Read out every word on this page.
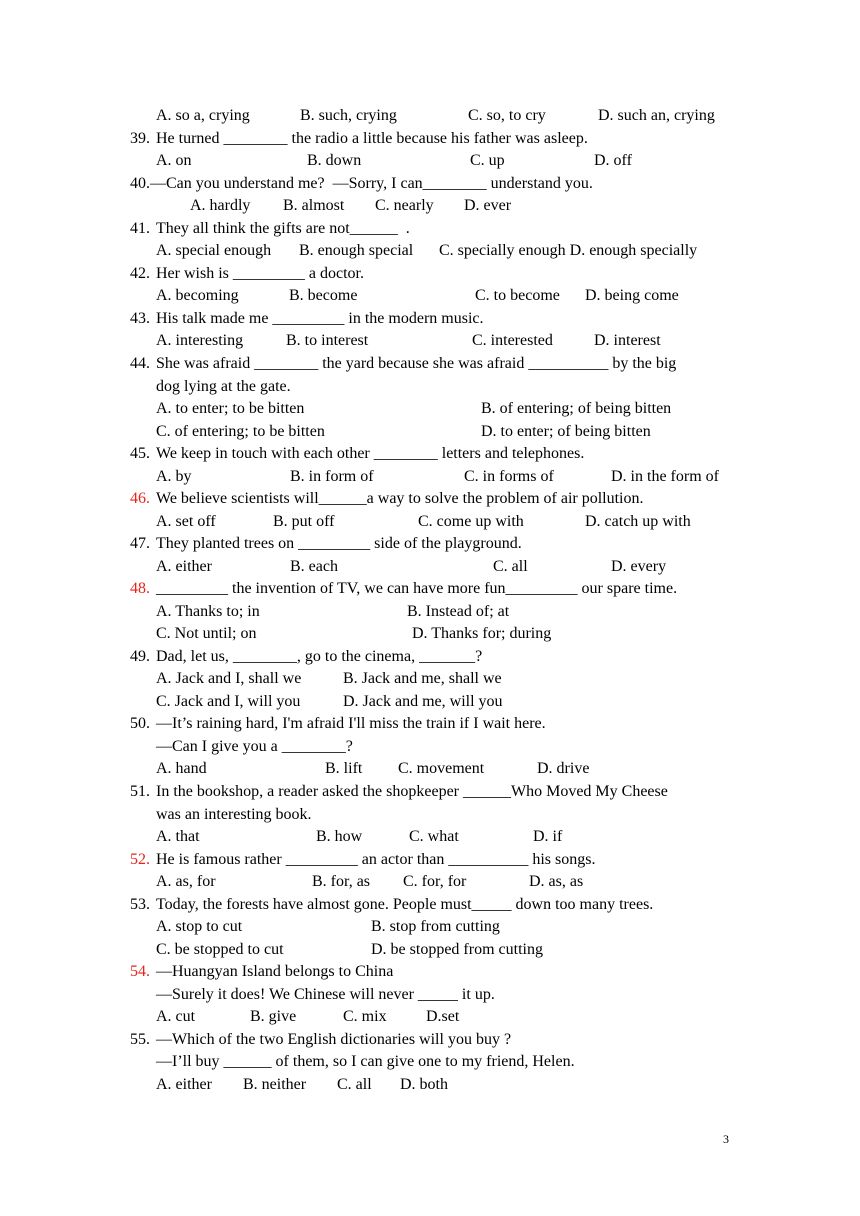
A. so a, crying	B. such, crying	C. so, to cry	D. such an, crying
39. He turned ________ the radio a little because his father was asleep.
A. on	B. down	C. up	D. off
40.—Can you understand me?  —Sorry, I can________ understand you.
A. hardly B. almost C. nearly D. ever
41. They all think the gifts are not______  .
A. special enough B. enough special C. specially enough D. enough specially
42. Her wish is _________ a doctor.
A. becoming	B. become	C. to become D. being come
43. His talk made me _________ in the modern music.
A. interesting	B. to interest	C. interested	D. interest
44. She was afraid ________ the yard because she was afraid __________ by the big
dog lying at the gate.
A. to enter; to be bitten	B. of entering; of being bitten
C. of entering; to be bitten	D. to enter; of being bitten
45. We keep in touch with each other ________ letters and telephones.
A. by	B. in form of	C. in forms of	D. in the form of
46. We believe scientists will______a way to solve the problem of air pollution.
A. set off	B. put off	C. come up with	D. catch up with
47. They planted trees on _________ side of the playground.
A. either	B. each	C. all	D. every
48. _________ the invention of TV, we can have more fun_________ our spare time.
A. Thanks to; in	B. Instead of; at
C. Not until; on	D. Thanks for; during
49. Dad, let us, ________, go to the cinema, _______?
A. Jack and I, shall we	B. Jack and me, shall we
C. Jack and I, will you	D. Jack and me, will you
50. —It’s raining hard, I'm afraid I'll miss the train if I wait here.
—Can I give you a ________?
A. hand	B. lift C. movement	D. drive
51. In the bookshop, a reader asked the shopkeeper ______Who Moved My Cheese
was an interesting book.
A. that	B. how	C. what	D. if
52. He is famous rather _________ an actor than __________ his songs.
A. as, for	B. for, as C. for, for	D. as, as
53. Today, the forests have almost gone. People must_____ down too many trees.
A. stop to cut	B. stop from cutting
C. be stopped to cut	D. be stopped from cutting
54. —Huangyan Island belongs to China
—Surely it does! We Chinese will never _____ it up.
A. cut	B. give	C. mix D.set
55. —Which of the two English dictionaries will you buy ?
—I’ll buy ______ of them, so I can give one to my friend, Helen.
A. either B. neither C. all D. both
3
